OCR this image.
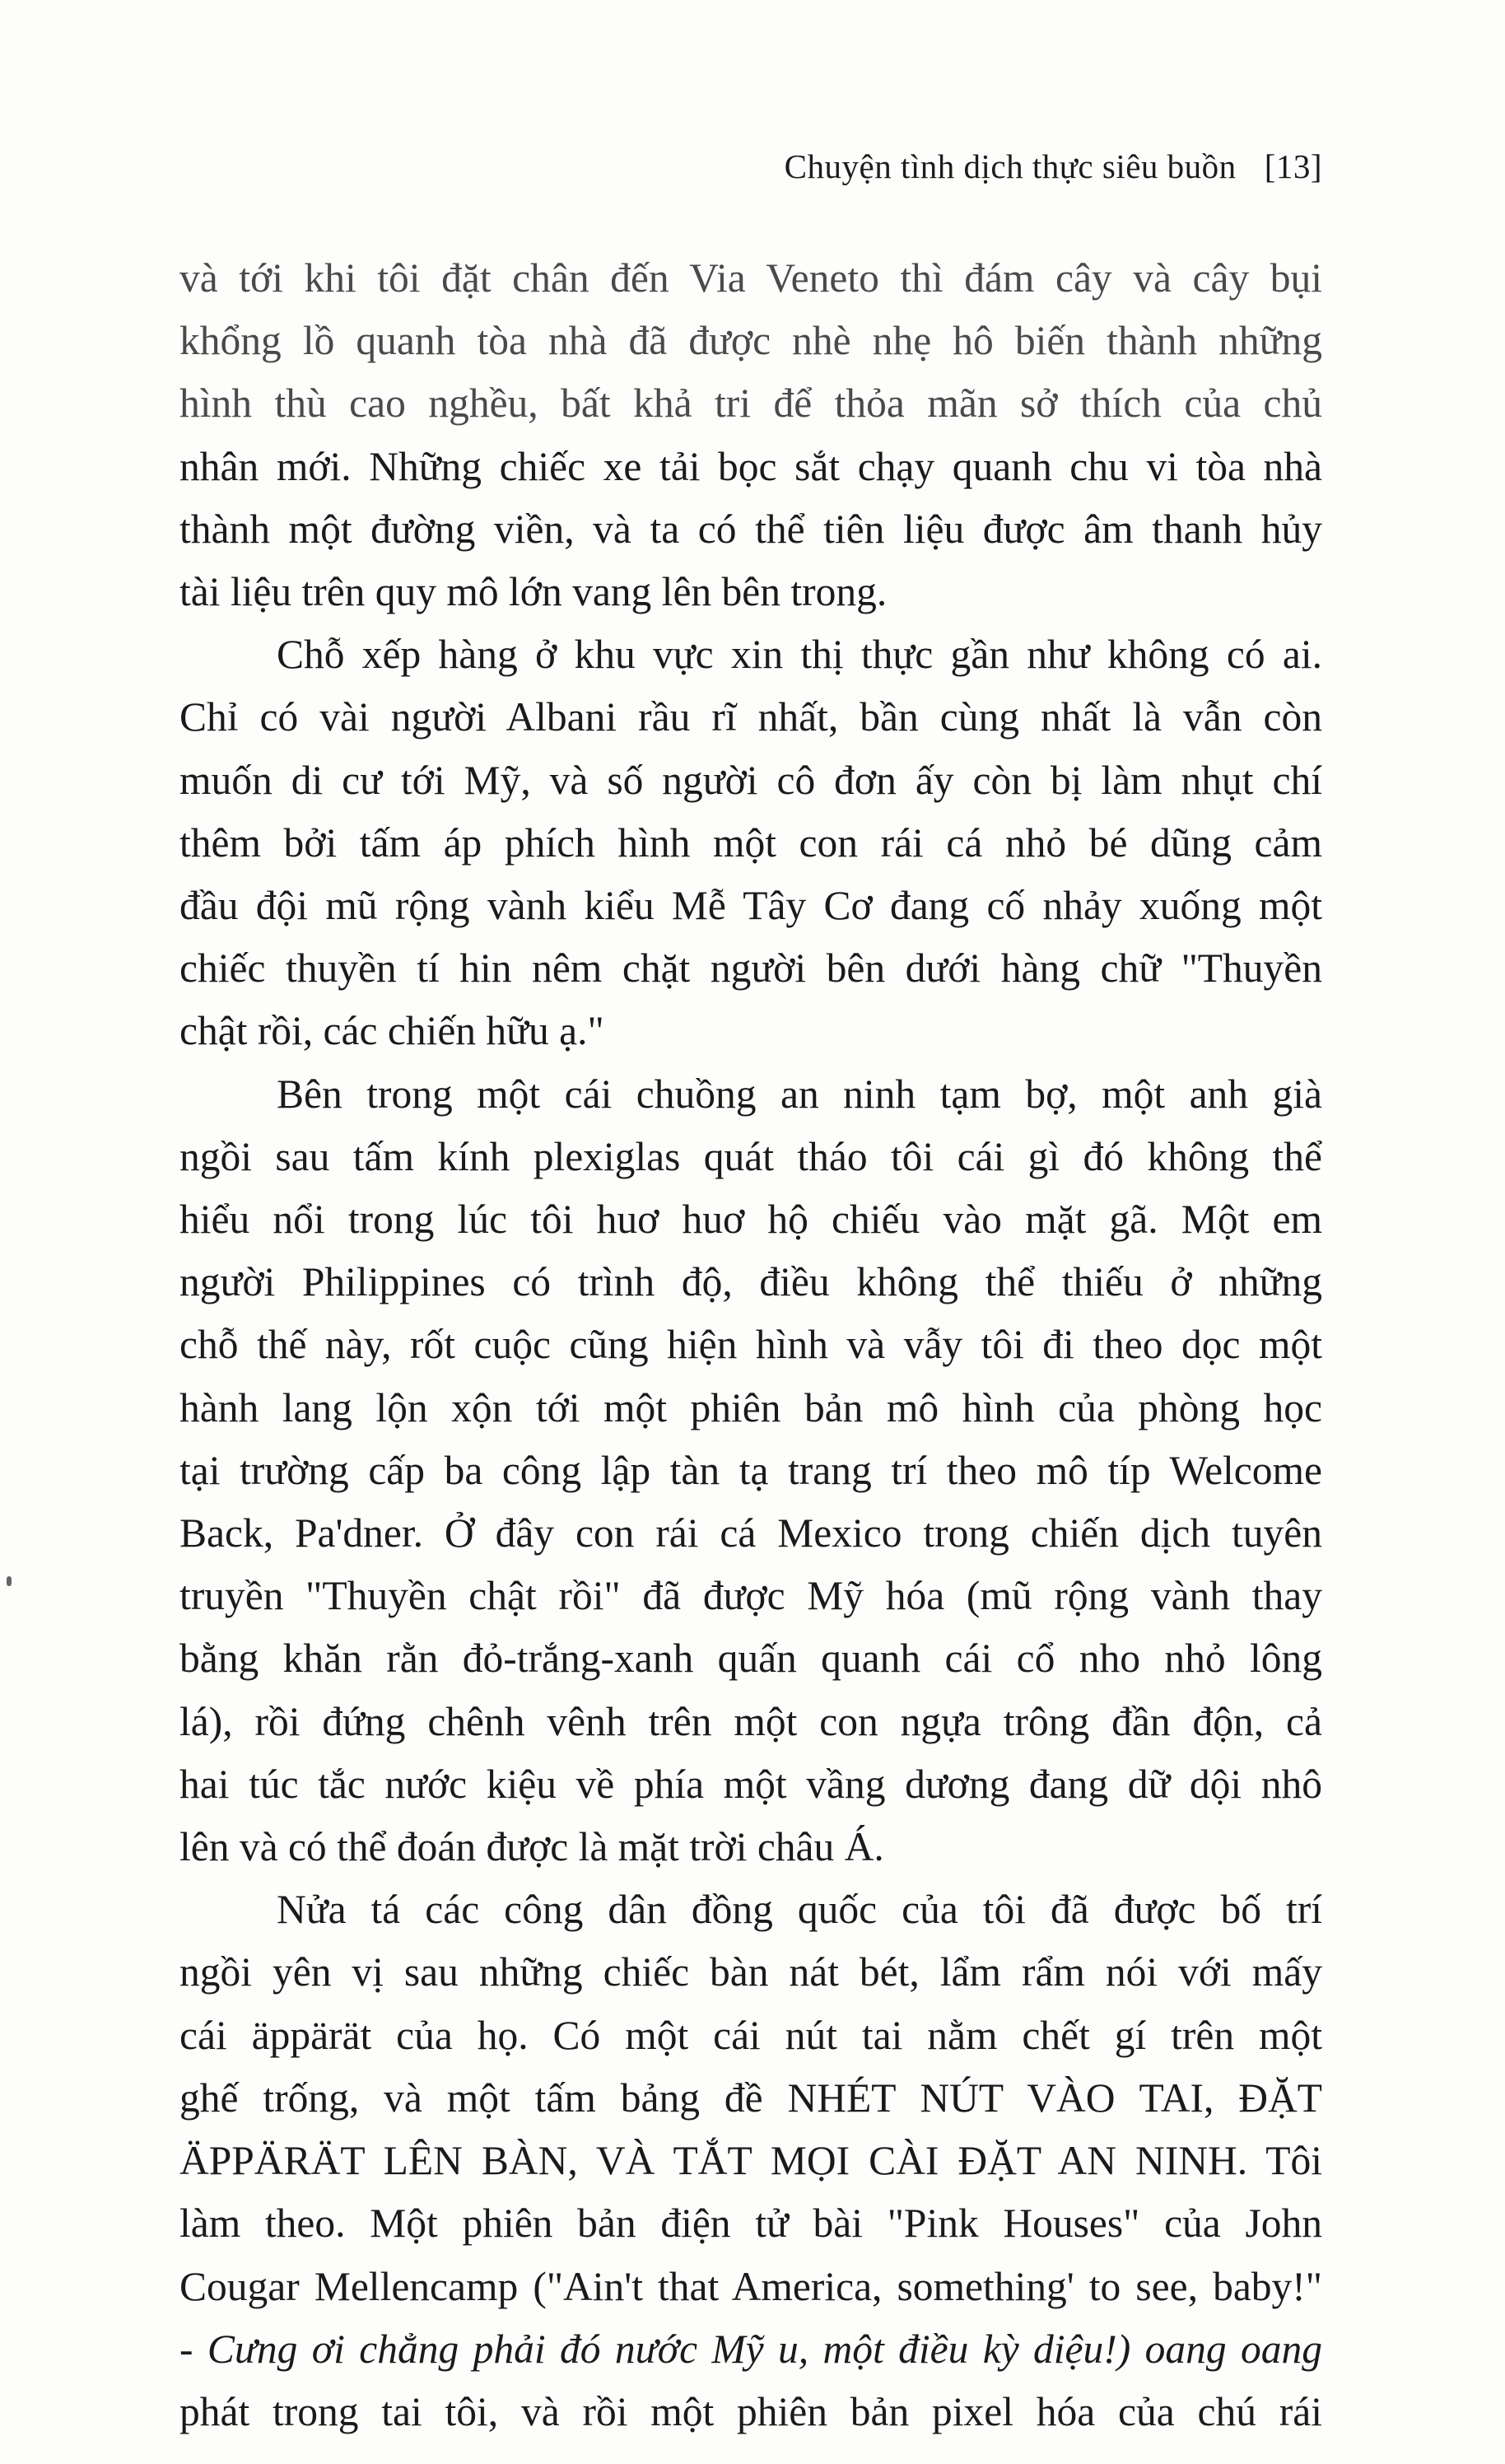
Chuyện tình dịch thực siêu buồn [13]

và tới khi tôi đặt chân đến Via Veneto thì đám cây và cây bụi
khổng lồ quanh tòa nhà đã được nhè nhẹ hô biến thành những
hình thù cao nghều, bất khả tri để thỏa mãn sở thích của chủ
nhân mới. Những chiếc xe tải bọc sắt chạy quanh chu vi tòa nhà
thành một đường viền, và ta có thể tiên liệu được âm thanh hủy
tài liệu trên quy mô lớn vang lên bên trong.

Chỗ xếp hàng ở khu vực xin thị thực gần như không có ai.
Chỉ có vài người Albani rầu rĩ nhất, bần cùng nhất là vẫn còn
muốn di cư tới Mỹ, và số người cô đơn ấy còn bị làm nhụt chí
thêm bởi tấm áp phích hình một con rái cá nhỏ bé dũng cảm
đầu đội mũ rộng vành kiểu Mễ Tây Cơ đang cố nhảy xuống một
chiếc thuyền tí hin nêm chặt người bên dưới hàng chữ "Thuyền
chật rồi, các chiến hữu ạ."

Bên trong một cái chuồng an ninh tạm bợ, một anh già
ngồi sau tấm kính plexiglas quát tháo tôi cái gì đó không thể
hiểu nổi trong lúc tôi huơ huơ hộ chiếu vào mặt gã. Một em
người Philippines có trình độ, điều không thể thiếu ở những
chỗ thế này, rốt cuộc cũng hiện hình và vẫy tôi đi theo dọc một
hành lang lộn xộn tới một phiên bản mô hình của phòng học
tại trường cấp ba công lập tàn tạ trang trí theo mô típ Welcome
Back, Pa'dner. Ở đây con rái cá Mexico trong chiến dịch tuyên
truyền "Thuyền chật rồi" đã được Mỹ hóa (mũ rộng vành thay
bằng khăn rằn đỏ-trắng-xanh quấn quanh cái cổ nho nhỏ lông
lá), rồi đứng chênh vênh trên một con ngựa trông đần độn, cả
hai túc tắc nước kiệu về phía một vầng dương đang dữ dội nhô
lên và có thể đoán được là mặt trời châu Á.

Nửa tá các công dân đồng quốc của tôi đã được bố trí
ngồi yên vị sau những chiếc bàn nát bét, lẩm rẩm nói với mấy
cái äppärät của họ. Có một cái nút tai nằm chết gí trên một
ghế trống, và một tấm bảng đề NHÉT NÚT VÀO TAI, ĐẶT
ÄPPÄRÄT LÊN BÀN, VÀ TẮT MỌI CÀI ĐẶT AN NINH. Tôi
làm theo. Một phiên bản điện tử bài "Pink Houses" của John
Cougar Mellencamp ("Ain't that America, something' to see, baby!"
- Cưng ơi chẳng phải đó nước Mỹ u, một điều kỳ diệu!) oang oang
phát trong tai tôi, và rồi một phiên bản pixel hóa của chú rái
